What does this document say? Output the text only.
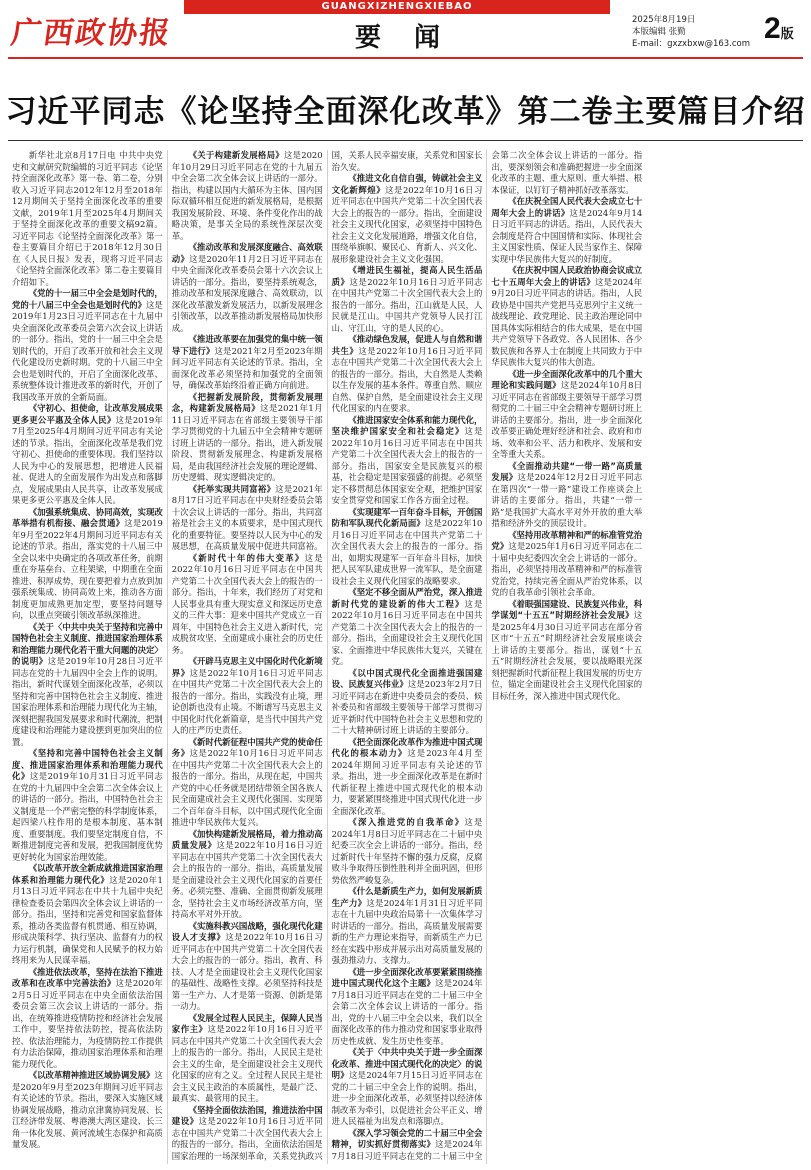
广西政协报
GUANGXIZHENGXIEBAO
要 闻
2025年8月19日
本版编辑 张勤
E-mail：gxzxbxw@163.com 2版
习近平同志《论坚持全面深化改革》第二卷主要篇目介绍

新华社北京8月17日电 中共中央党史和文献研究院编辑的习近平同志《论坚持全面深化改革》第一卷、第二卷，分别收入习近平同志2012年12月至2018年12月期间关于坚持全面深化改革的重要文献，2019年1月至2025年4月期间关于坚持全面深化改革的重要文稿92篇。习近平同志《论坚持全面深化改革》第一卷主要篇目介绍已于2018年12月30日在《人民日报》发表，现将习近平同志《论坚持全面深化改革》第二卷主要篇目介绍如下。

《党的十一届三中全会是划时代的，党的十八届三中全会也是划时代的》这是2019年1月23日习近平同志在十九届中央全面深化改革委员会第六次会议上讲话的一部分。指出，党的十一届三中全会是划时代的，开启了改革开放和社会主义现代化建设历史新时期。党的十八届三中全会也是划时代的，开启了全面深化改革、系统整体设计推进改革的新时代，开创了我国改革开放的全新局面。

《守初心、担使命，让改革发展成果更多更公平惠及全体人民》这是2019年7月至2025年4月期间习近平同志有关论述的节录。指出，全面深化改革是我们党守初心、担使命的重要体现。我们坚持以人民为中心的发展思想，把增进人民福祉、促进人的全面发展作为出发点和落脚点，发展成果由人民共享，让改革发展成果更多更公平惠及全体人民。

《加强系统集成、协同高效，实现改革举措有机衔接、融会贯通》这是2019年9月至2022年4月期间习近平同志有关论述的节录。指出，落实党的十八届三中全会以来中央确定的各项改革任务，前期重在夯基垒台、立柱架梁，中期重在全面推进、积厚成势，现在要把着力点放到加强系统集成、协同高效上来，推动各方面制度更加成熟更加定型，要坚持问题导向，以重点突破引领改革纵深推进。

《关于〈中共中央关于坚持和完善中国特色社会主义制度、推进国家治理体系和治理能力现代化若干重大问题的决定〉的说明》这是2019年10月28日习近平同志在党的十九届四中全会上作的说明。指出，新时代谋划全面深化改革，必须以坚持和完善中国特色社会主义制度、推进国家治理体系和治理能力现代化为主轴，深刻把握我国发展要求和时代潮流，把制度建设和治理能力建设摆到更加突出的位置。

《坚持和完善中国特色社会主义制度、推进国家治理体系和治理能力现代化》这是2019年10月31日习近平同志在党的十九届四中全会第二次全体会议上的讲话的一部分。指出，中国特色社会主义制度是一个严密完整的科学制度体系，起四梁八柱作用的是根本制度、基本制度、重要制度。我们要坚定制度自信，不断推进制度完善和发展，把我国制度优势更好转化为国家治理效能。

《以改革开放全新成就推进国家治理体系和治理能力现代化》这是2020年1月13日习近平同志在中共十九届中央纪律检查委员会第四次全体会议上讲话的一部分。指出，坚持和完善党和国家监督体系，推动各类监督有机贯通、相互协调，形成决策科学、执行坚决、监督有力的权力运行机制，确保党和人民赋予的权力始终用来为人民谋幸福。

《推进依法改革，坚持在法治下推进改革和在改革中完善法治》这是2020年2月5日习近平同志在中央全面依法治国委员会第三次会议上讲话的一部分。指出，在统筹推进疫情防控和经济社会发展工作中，要坚持依法防控，提高依法防控、依法治理能力，为疫情防控工作提供有力法治保障，推动国家治理体系和治理能力现代化。

《以改革精神推进区域协调发展》这是2020年9月至2023年期间习近平同志有关论述的节录。指出，要深入实施区域协调发展战略，推动京津冀协同发展、长江经济带发展、粤港澳大湾区建设、长三角一体化发展、黄河流域生态保护和高质量发展。

《关于构建新发展格局》这是2020年10月29日习近平同志在党的十九届五中全会第二次全体会议上讲话的一部分。指出，构建以国内大循环为主体、国内国际双循环相互促进的新发展格局，是根据我国发展阶段、环境、条件变化作出的战略决策，是事关全局的系统性深层次变革。

《推动改革和发展深度融合、高效联动》这是2020年11月2日习近平同志在中央全面深化改革委员会第十六次会议上讲话的一部分。指出，要坚持系统观念，推动改革和发展深度融合、高效联动，以深化改革激发新发展活力，以新发展理念引领改革，以改革推动新发展格局加快形成。

《推进改革要在加强党的集中统一领导下进行》这是2021年2月至2023年期间习近平同志有关论述的节录。指出，全面深化改革必须坚持和加强党的全面领导，确保改革始终沿着正确方向前进。

《把握新发展阶段，贯彻新发展理念，构建新发展格局》这是2021年1月11日习近平同志在省部级主要领导干部学习贯彻党的十九届五中全会精神专题研讨班上讲话的一部分。指出，进入新发展阶段、贯彻新发展理念、构建新发展格局，是由我国经济社会发展的理论逻辑、历史逻辑、现实逻辑决定的。

《托举实现共同富裕》这是2021年8月17日习近平同志在中央财经委员会第十次会议上讲话的一部分。指出，共同富裕是社会主义的本质要求，是中国式现代化的重要特征。要坚持以人民为中心的发展思想，在高质量发展中促进共同富裕。

《新时代十年的伟大变革》这是2022年10月16日习近平同志在中国共产党第二十次全国代表大会上的报告的一部分。指出，十年来，我们经历了对党和人民事业具有重大现实意义和深远历史意义的三件大事：迎来中国共产党成立一百周年，中国特色社会主义进入新时代，完成脱贫攻坚、全面建成小康社会的历史任务。

《开辟马克思主义中国化时代化新境界》这是2022年10月16日习近平同志在中国共产党第二十次全国代表大会上的报告的一部分。指出，实践没有止境，理论创新也没有止境。不断谱写马克思主义中国化时代化新篇章，是当代中国共产党人的庄严历史责任。

《新时代新征程中国共产党的使命任务》这是2022年10月16日习近平同志在中国共产党第二十次全国代表大会上的报告的一部分。指出，从现在起，中国共产党的中心任务就是团结带领全国各族人民全面建成社会主义现代化强国、实现第二个百年奋斗目标，以中国式现代化全面推进中华民族伟大复兴。

《加快构建新发展格局，着力推动高质量发展》这是2022年10月16日习近平同志在中国共产党第二十次全国代表大会上的报告的一部分。指出，高质量发展是全面建设社会主义现代化国家的首要任务。必须完整、准确、全面贯彻新发展理念，坚持社会主义市场经济改革方向，坚持高水平对外开放。

《实施科教兴国战略，强化现代化建设人才支撑》这是2022年10月16日习近平同志在中国共产党第二十次全国代表大会上的报告的一部分。指出，教育、科技、人才是全面建设社会主义现代化国家的基础性、战略性支撑。必须坚持科技是第一生产力、人才是第一资源、创新是第一动力。

《发展全过程人民民主，保障人民当家作主》这是2022年10月16日习近平同志在中国共产党第二十次全国代表大会上的报告的一部分。指出，人民民主是社会主义的生命，是全面建设社会主义现代化国家的应有之义。全过程人民民主是社会主义民主政治的本质属性，是最广泛、最真实、最管用的民主。

《坚持全面依法治国，推进法治中国建设》这是2022年10月16日习近平同志在中国共产党第二十次全国代表大会上的报告的一部分。指出，全面依法治国是国家治理的一场深刻革命，关系党执政兴国，关系人民幸福安康，关系党和国家长治久安。

《推进文化自信自强，铸就社会主义文化新辉煌》这是2022年10月16日习近平同志在中国共产党第二十次全国代表大会上的报告的一部分。指出，全面建设社会主义现代化国家，必须坚持中国特色社会主义文化发展道路，增强文化自信，围绕举旗帜、聚民心、育新人、兴文化、展形象建设社会主义文化强国。

《增进民生福祉，提高人民生活品质》这是2022年10月16日习近平同志在中国共产党第二十次全国代表大会上的报告的一部分。指出，江山就是人民，人民就是江山。中国共产党领导人民打江山、守江山，守的是人民的心。

《推动绿色发展，促进人与自然和谐共生》这是2022年10月16日习近平同志在中国共产党第二十次全国代表大会上的报告的一部分。指出，大自然是人类赖以生存发展的基本条件。尊重自然、顺应自然、保护自然，是全面建设社会主义现代化国家的内在要求。

《推进国家安全体系和能力现代化，坚决维护国家安全和社会稳定》这是2022年10月16日习近平同志在中国共产党第二十次全国代表大会上的报告的一部分。指出，国家安全是民族复兴的根基，社会稳定是国家强盛的前提。必须坚定不移贯彻总体国家安全观，把维护国家安全贯穿党和国家工作各方面全过程。

《实现建军一百年奋斗目标，开创国防和军队现代化新局面》这是2022年10月16日习近平同志在中国共产党第二十次全国代表大会上的报告的一部分。指出，如期实现建军一百年奋斗目标，加快把人民军队建成世界一流军队，是全面建设社会主义现代化国家的战略要求。

《坚定不移全面从严治党，深入推进新时代党的建设新的伟大工程》这是2022年10月16日习近平同志在中国共产党第二十次全国代表大会上的报告的一部分。指出，全面建设社会主义现代化国家、全面推进中华民族伟大复兴，关键在党。

《以中国式现代化全面推进强国建设、民族复兴伟业》这是2023年2月7日习近平同志在新进中央委员会的委员、候补委员和省部级主要领导干部学习贯彻习近平新时代中国特色社会主义思想和党的二十大精神研讨班上讲话的主要部分。

《把全面深化改革作为推进中国式现代化的根本动力》这是2023年4月至2024年期间习近平同志有关论述的节录。指出，进一步全面深化改革是在新时代新征程上推进中国式现代化的根本动力，要紧紧围绕推进中国式现代化进一步全面深化改革。

《深入推进党的自我革命》这是2024年1月8日习近平同志在二十届中央纪委三次全会上讲话的一部分。指出，经过新时代十年坚持不懈的强力反腐，反腐败斗争取得压倒性胜利并全面巩固，但形势依然严峻复杂。

《什么是新质生产力，如何发展新质生产力》这是2024年1月31日习近平同志在十九届中央政治局第十一次集体学习时讲话的一部分。指出，高质量发展需要新的生产力理论来指导，而新质生产力已经在实践中形成并展示出对高质量发展的强劲推动力、支撑力。

《进一步全面深化改革要紧紧围绕推进中国式现代化这个主题》这是2024年7月18日习近平同志在党的二十届三中全会第二次全体会议上讲话的一部分。指出，党的十八届三中全会以来，我们以全面深化改革的伟力推动党和国家事业取得历史性成就、发生历史性变革。

《关于〈中共中央关于进一步全面深化改革、推进中国式现代化的决定〉的说明》这是2024年7月15日习近平同志在党的二十届三中全会上作的说明。指出，进一步全面深化改革，必须坚持以经济体制改革为牵引，以促进社会公平正义、增进人民福祉为出发点和落脚点。

《深入学习领会党的二十届三中全会精神，切实抓好贯彻落实》这是2024年7月18日习近平同志在党的二十届三中全会第二次全体会议上讲话的一部分。指出，要深刻领会和准确把握进一步全面深化改革的主题、重大原则、重大举措、根本保证，以钉钉子精神抓好改革落实。

《在庆祝全国人民代表大会成立七十周年大会上的讲话》这是2024年9月14日习近平同志的讲话。指出，人民代表大会制度是符合中国国情和实际、体现社会主义国家性质、保证人民当家作主、保障实现中华民族伟大复兴的好制度。

《在庆祝中国人民政治协商会议成立七十五周年大会上的讲话》这是2024年9月20日习近平同志的讲话。指出，人民政协是中国共产党把马克思列宁主义统一战线理论、政党理论、民主政治理论同中国具体实际相结合的伟大成果，是在中国共产党领导下各政党、各人民团体、各少数民族和各界人士在制度上共同致力于中华民族伟大复兴的伟大创造。

《进一步全面深化改革中的几个重大理论和实践问题》这是2024年10月8日习近平同志在省部级主要领导干部学习贯彻党的二十届三中全会精神专题研讨班上讲话的主要部分。指出，进一步全面深化改革要正确处理好经济和社会、政府和市场、效率和公平、活力和秩序、发展和安全等重大关系。

《全面推动共建“一带一路”高质量发展》这是2024年12月2日习近平同志在第四次“一带一路”建设工作座谈会上讲话的主要部分。指出，共建“一带一路”是我国扩大高水平对外开放的重大举措和经济外交的顶层设计。

《坚持用改革精神和严的标准管党治党》这是2025年1月6日习近平同志在二十届中央纪委四次全会上讲话的一部分。指出，必须坚持用改革精神和严的标准管党治党，持续完善全面从严治党体系，以党的自我革命引领社会革命。

《着眼强国建设、民族复兴伟业，科学谋划“十五五”时期经济社会发展》这是2025年4月30日习近平同志在部分省区市“十五五”时期经济社会发展座谈会上讲话的主要部分。指出，谋划“十五五”时期经济社会发展，要以战略眼光深刻把握新时代新征程上我国发展的历史方位，锚定全面建设社会主义现代化国家的目标任务，深入推进中国式现代化。
